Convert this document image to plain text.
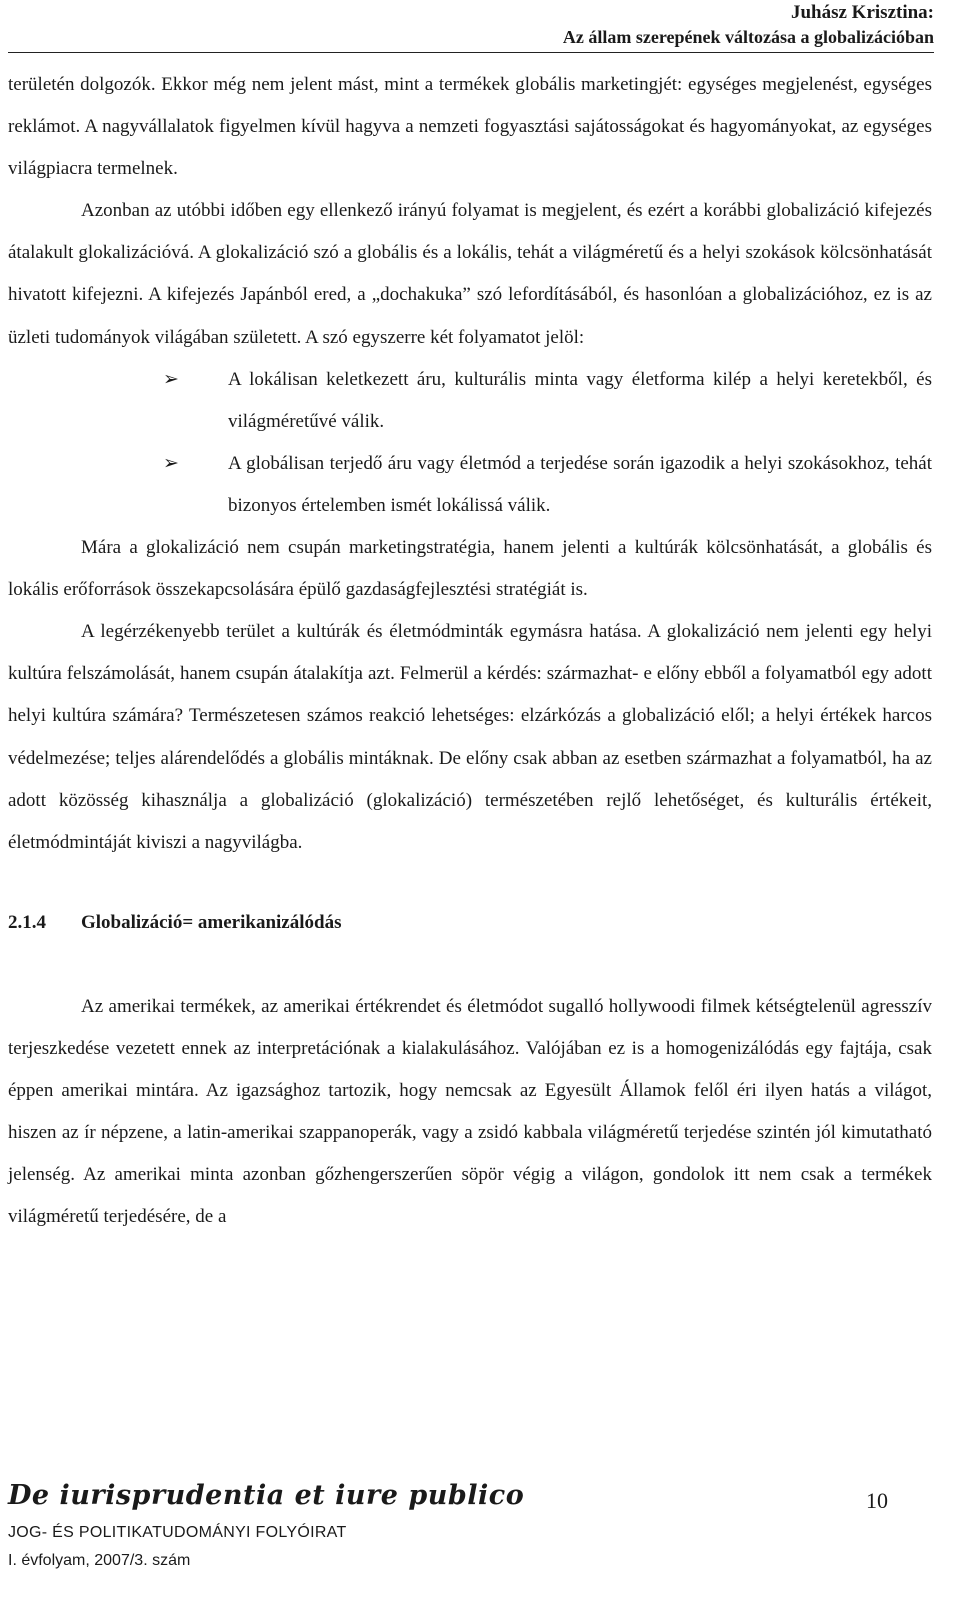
Juhász Krisztina:
Az állam szerepének változása a globalizációban

területén dolgozók. Ekkor még nem jelent mást, mint a termékek globális marketingjét: egységes megjelenést, egységes reklámot. A nagyvállalatok figyelmen kívül hagyva a nemzeti fogyasztási sajátosságokat és hagyományokat, az egységes világpiacra termelnek.

Azonban az utóbbi időben egy ellenkező irányú folyamat is megjelent, és ezért a korábbi globalizáció kifejezés átalakult glokalizációvá. A glokalizáció szó a globális és a lokális, tehát a világméretű és a helyi szokások kölcsönhatását hivatott kifejezni. A kifejezés Japánból ered, a „dochakuka” szó lefordításából, és hasonlóan a globalizációhoz, ez is az üzleti tudományok világában született. A szó egyszerre két folyamatot jelöl:

➢	A lokálisan keletkezett áru, kulturális minta vagy életforma kilép a helyi keretekből, és világméretűvé válik.
➢	A globálisan terjedő áru vagy életmód a terjedése során igazodik a helyi szokásokhoz, tehát bizonyos értelemben ismét lokálissá válik.

Mára a glokalizáció nem csupán marketingstratégia, hanem jelenti a kultúrák kölcsönhatását, a globális és lokális erőforrások összekapcsolására épülő gazdaságfejlesztési stratégiát is.

A legérzékenyebb terület a kultúrák és életmódminták egymásra hatása. A glokalizáció nem jelenti egy helyi kultúra felszámolását, hanem csupán átalakítja azt. Felmerül a kérdés: származhat- e előny ebből a folyamatból egy adott helyi kultúra számára? Természetesen számos reakció lehetséges: elzárkózás a globalizáció elől; a helyi értékek harcos védelmezése; teljes alárendelődés a globális mintáknak. De előny csak abban az esetben származhat a folyamatból, ha az adott közösség kihasználja a globalizáció (glokalizáció) természetében rejlő lehetőséget, és kulturális értékeit, életmódmintáját kiviszi a nagyvilágba.

2.1.4 Globalizáció= amerikanizálódás

Az amerikai termékek, az amerikai értékrendet és életmódot sugalló hollywoodi filmek kétségtelenül agresszív terjeszkedése vezetett ennek az interpretációnak a kialakulásához. Valójában ez is a homogenizálódás egy fajtája, csak éppen amerikai mintára. Az igazsághoz tartozik, hogy nemcsak az Egyesült Államok felől éri ilyen hatás a világot, hiszen az ír népzene, a latin-amerikai szappanoperák, vagy a zsidó kabbala világméretű terjedése szintén jól kimutatható jelenség. Az amerikai minta azonban gőzhengerszerűen söpör végig a világon, gondolok itt nem csak a termékek világméretű terjedésére, de a

De iurisprudentia et iure publico
JOG- ÉS POLITIKATUDOMÁNYI FOLYÓIRAT
I. évfolyam, 2007/3. szám
10
